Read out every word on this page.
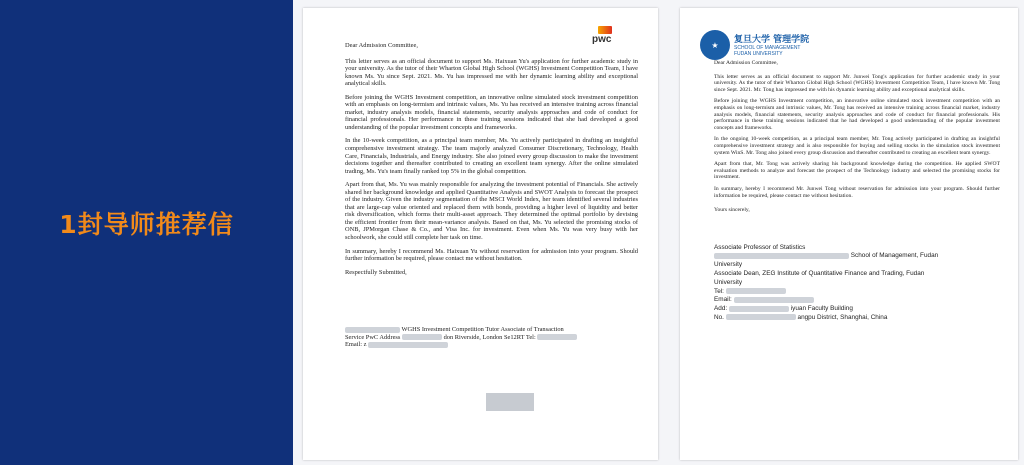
1封导师推荐信

Dear Admission Committee,

This letter serves as an official document to support Ms. Haixuan Yu's application for further academic study in your university. As the tutor of their Wharton Global High School (WGHS) Investment Competition Team, I have known Ms. Yu since Sept. 2021. Ms. Yu has impressed me with her dynamic learning ability and exceptional analytical skills.

Before joining the WGHS Investment competition, an innovative online simulated stock investment competition with an emphasis on long-termism and intrinsic values, Ms. Yu has received an intensive training across financial market, industry analysis models, financial statements, security analysis approaches and code of conduct for financial professionals. Her performance in these training sessions indicated that she had developed a good understanding of the popular investment concepts and frameworks.

In the 10-week competition, as a principal team member, Ms. Yu actively participated in drafting an insightful comprehensive investment strategy. The team majorly analyzed Consumer Discretionary, Technology, Health Care, Financials, Industrials, and Energy industry. She also joined every group discussion to make the investment decisions together and thereafter contributed to creating an excellent team synergy. After the online simulated trading, Ms. Yu's team finally ranked top 5% in the global competition.

Apart from that, Ms. Yu was mainly responsible for analyzing the investment potential of Financials. She actively shared her background knowledge and applied Quantitative Analysis and SWOT Analysis to forecast the prospect of the industry. Given the industry segmentation of the MSCI World Index, her team identified several industries that are large-cap value oriented and replaced them with bonds, providing a higher level of liquidity and better risk diversification, which forms their multi-asset approach. They determined the optimal portfolio by devising the efficient frontier from their mean-variance analysis. Based on that, Ms. Yu selected the promising stocks of ONB, JPMorgan Chase & Co., and Visa Inc. for investment. Even when Ms. Yu was very busy with her schoolwork, she could still complete her task on time.

In summary, hereby I recommend Ms. Haixuan Yu without reservation for admission into your program. Should further information be required, please contact me without hesitation.

Respectfully Submitted,

WGHS Investment Competition Tutor Associate of Transaction

Service PwC Address	don Riverside, London Se12RT Tel:

Email: z

pwc

Dear Admission Committee,

This letter serves as an official document to support Mr. Junwei Tong's application for further academic study in your university. As the tutor of their Wharton Global High School (WGHS) Investment Competition Team, I have known Mr. Tong since Sept. 2021. Mr. Tong has impressed me with his dynamic learning ability and exceptional analytical skills.

Before joining the WGHS Investment competition, an innovative online simulated stock investment competition with an emphasis on long-termism and intrinsic values, Mr. Tong has received an intensive training across financial market, industry analysis models, financial statements, security analysis approaches and code of conduct for financial professionals. His performance in these training sessions indicated that he had developed a good understanding of the popular investment concepts and frameworks.

In the ongoing 10-week competition, as a principal team member, Mr. Tong actively participated in drafting an insightful comprehensive investment strategy and is also responsible for buying and selling stocks in the simulation stock investment system WinS. Mr. Tong also joined every group discussion and thereafter contributed to creating an excellent team synergy.

Apart from that, Mr. Tong was actively sharing his background knowledge during the competition. He applied SWOT evaluation methods to analyze and forecast the prospect of the Technology industry and selected the promising stocks for investment.

In summary, hereby I recommend Mr. Junwei Tong without reservation for admission into your program. Should further information be required, please contact me without hesitation.

Yours sincerely,

Associate Professor of Statistics
School of Management, Fudan
University
Associate Dean, ZEG Institute of Quantitative Finance and Trading, Fudan
University
Tel:
Email:
Add:	iyuan Faculty Building
No.	angpu District, Shanghai, China
★	复旦大学 管理学院
SCHOOL OF MANAGEMENT
FUDAN UNIVERSITY
